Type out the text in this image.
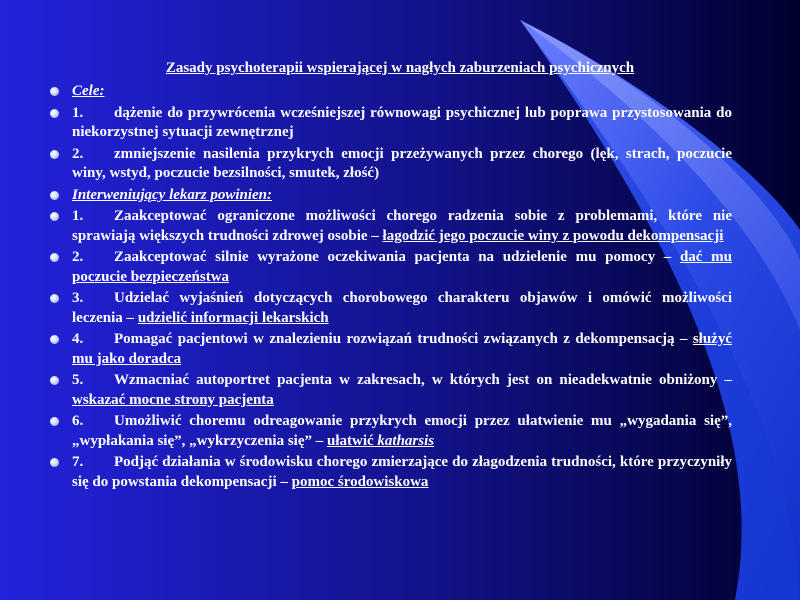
Zasady psychoterapii wspierającej w nagłych zaburzeniach psychicznych
Cele:
1. dążenie do przywrócenia wcześniejszej równowagi psychicznej lub poprawa przystosowania do niekorzystnej sytuacji zewnętrznej
2. zmniejszenie nasilenia przykrych emocji przeżywanych przez chorego (lęk, strach, poczucie winy, wstyd, poczucie bezsilności, smutek, złość)
Interweniujący lekarz powinien:
1. Zaakceptować ograniczone możliwości chorego radzenia sobie z problemami, które nie sprawiają większych trudności zdrowej osobie – łagodzić jego poczucie winy z powodu dekompensacji
2. Zaakceptować silnie wyrażone oczekiwania pacjenta na udzielenie mu pomocy – dać mu poczucie bezpieczeństwa
3. Udzielać wyjaśnień dotyczących chorobowego charakteru objawów i omówić możliwości leczenia – udzielić informacji lekarskich
4. Pomagać pacjentowi w znalezieniu rozwiązań trudności związanych z dekompensacją – służyć mu jako doradca
5. Wzmacniać autoportret pacjenta w zakresach, w których jest on nieadekwatnie obniżony – wskazać mocne strony pacjenta
6. Umożliwić choremu odreagowanie przykrych emocji przez ułatwienie mu „wygadania się”, „wypłakania się”, „wykrzyczenia się” – ułatwić katharsis
7. Podjąć działania w środowisku chorego zmierzające do złagodzenia trudności, które przyczyniły się do powstania dekompensacji – pomoc środowiskowa
